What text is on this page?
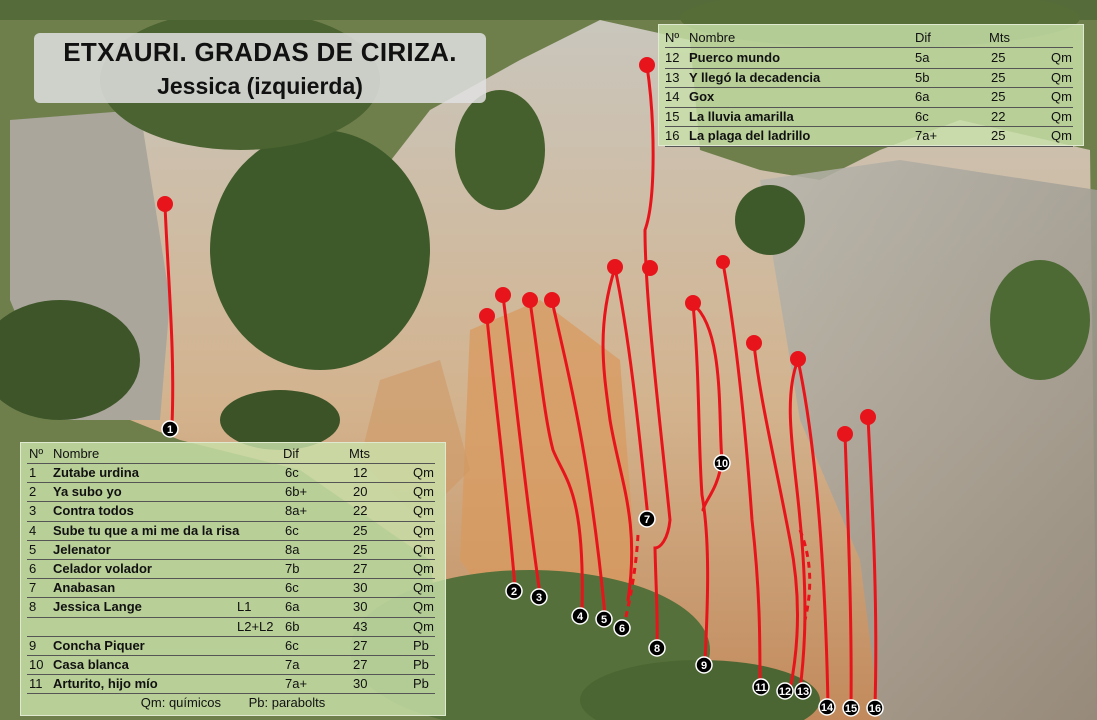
1
2 3
4 5
6
7
8
9
10
11 12 13
14 15 16
ETXAURI. GRADAS DE CIRIZA.
Jessica (izquierda)
Nº Nombre	Dif	Mts
12 Puerco mundo	5a	25	Qm
13 Y llegó la decadencia	5b	25	Qm
14 Gox	6a	25	Qm
15 La lluvia amarilla	6c	22	Qm
16 La plaga del ladrillo	7a+	25	Qm
Nº Nombre	Dif	Mts
1 Zutabe urdina	6c	12	Qm
2 Ya subo yo	6b+	20	Qm
3 Contra todos	8a+	22	Qm
4 Sube tu que a mi me da la risa	6c	25	Qm
5 Jelenator	8a	25	Qm
6 Celador volador	7b	27	Qm
7 Anabasan	6c	30	Qm
8 Jessica Lange	L1	6a	30	Qm
L2+L2 6b	43	Qm
9 Concha Piquer	6c	27	Pb
10 Casa blanca	7a	27	Pb
11 Arturito, hijo mío	7a+	30	Pb
Qm: químicos Pb: parabolts
